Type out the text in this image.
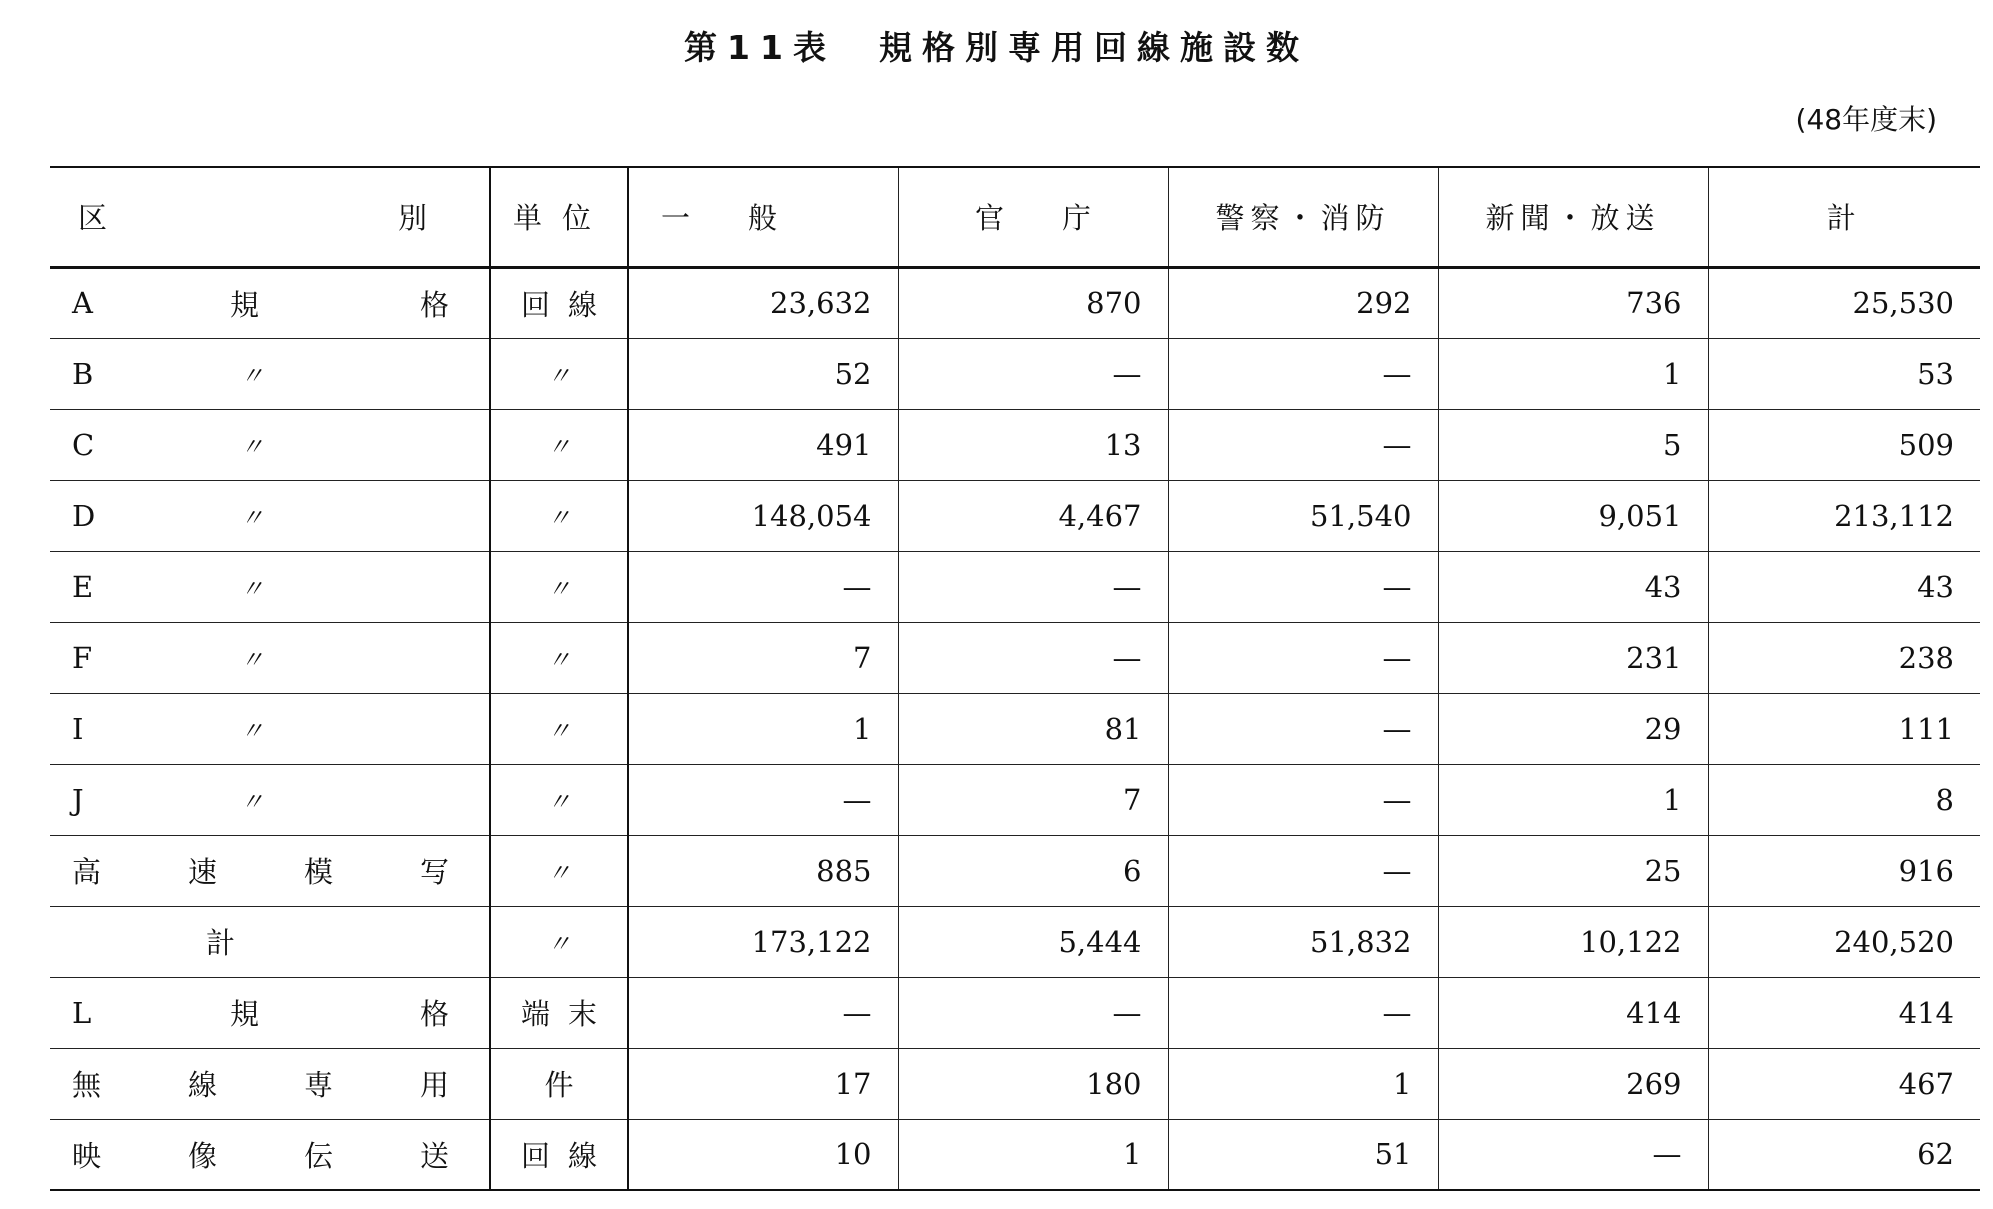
第11表　規格別専用回線施設数
(48年度末)
区 別	単位	一　　般	官　　庁	警察・消防	新聞・放送	計

A 規 格	回線	23,632	870	292	736	25,530

B 〃	〃	52	—	—	1	53

C 〃	〃	491	13	—	5	509

D 〃	〃	148,054	4,467	51,540	9,051	213,112

E 〃	〃	—	—	—	43	43

F 〃	〃	7	—	—	231	238

I 〃	〃	1	81	—	29	111

J 〃	〃	—	7	—	1	8

高 速 模 写	〃	885	6	—	25	916
計	〃	173,122	5,444	51,832	10,122	240,520

L 規 格	端末	—	—	—	414	414

無 線 専 用	件	17	180	1	269	467

映 像 伝 送	回線	10	1	51	—	62
